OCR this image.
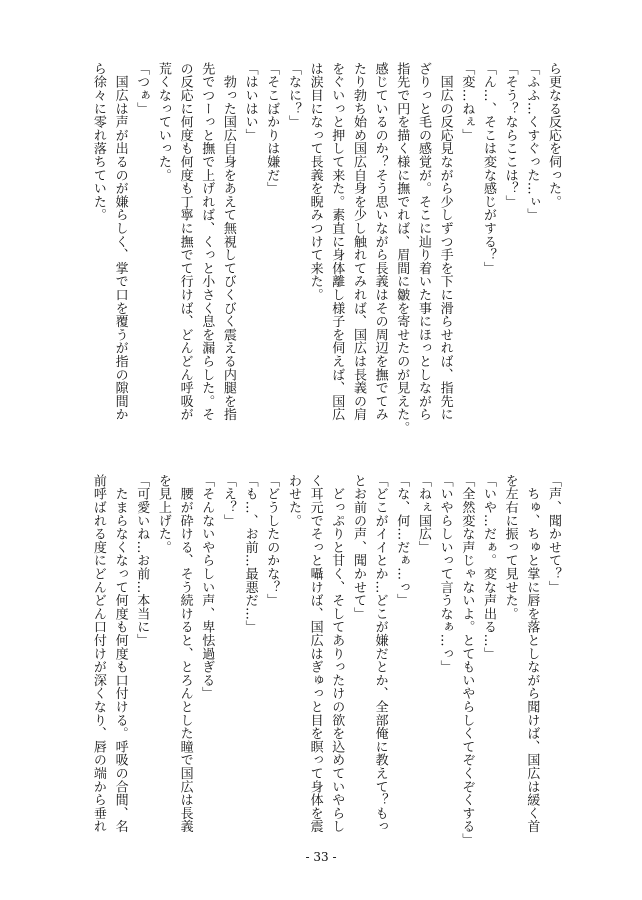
ら更なる反応を伺った。
「ふふ…くすぐった…ぃ」
「そう？ならここは？」
「ん…、そこは変な感じがする？」
「変…ねぇ」
　国広の反応見ながら少しずつ手を下に滑らせれば、指先に
ざりっと毛の感覚が。そこに辿り着いた事にほっとしながら
指先で円を描く様に撫でれば、眉間に皺を寄せたのが見えた。
感じているのか？そう思いながら長義はその周辺を撫でてみ
たり勃ち始め国広自身を少し触れてみれば、国広は長義の肩
をぐいっと押して来た。素直に身体離し様子を伺えば、国広
は涙目になって長義を睨みつけて来た。
「なに？」
「そこばかりは嫌だ」
「はいはい」
　勃った国広自身をあえて無視してびくびく震える内腿を指
先でつーっと撫で上げれば、くっと小さく息を漏らした。そ
の反応に何度も何度も丁寧に撫でて行けば、どんどん呼吸が
荒くなっていった。
「つぁ」
　国広は声が出るのが嫌らしく、掌で口を覆うが指の隙間か
ら徐々に零れ落ちていた。
「声、聞かせて？」
　ちゅ、ちゅと掌に唇を落としながら聞けば、国広は緩く首
を左右に振って見せた。
「いや…だぁ。変な声出る…」
「全然変な声じゃないよ。とてもいやらしくてぞくぞくする」
「いやらしいって言うなぁ…っ」
「ねぇ国広」
「な、何…だぁ…っ」
「どこがイイとか…どこが嫌だとか、全部俺に教えて？もっ
とお前の声、聞かせて」
　どっぷりと甘く、そしてありったけの欲を込めていやらし
く耳元でそっと囁けば、国広はぎゅっと目を瞑って身体を震
わせた。
「どうしたのかな？」
「も…、お前…最悪だ…」
「え？」
「そんないやらしい声、卑怯過ぎる」
　腰が砕ける、そう続けると、とろんとした瞳で国広は長義
を見上げた。
「可愛いね…お前…本当に」
　たまらなくなって何度も何度も口付ける。呼吸の合間、名
前呼ばれる度にどんどん口付けが深くなり、唇の端から垂れ
- 33 -
